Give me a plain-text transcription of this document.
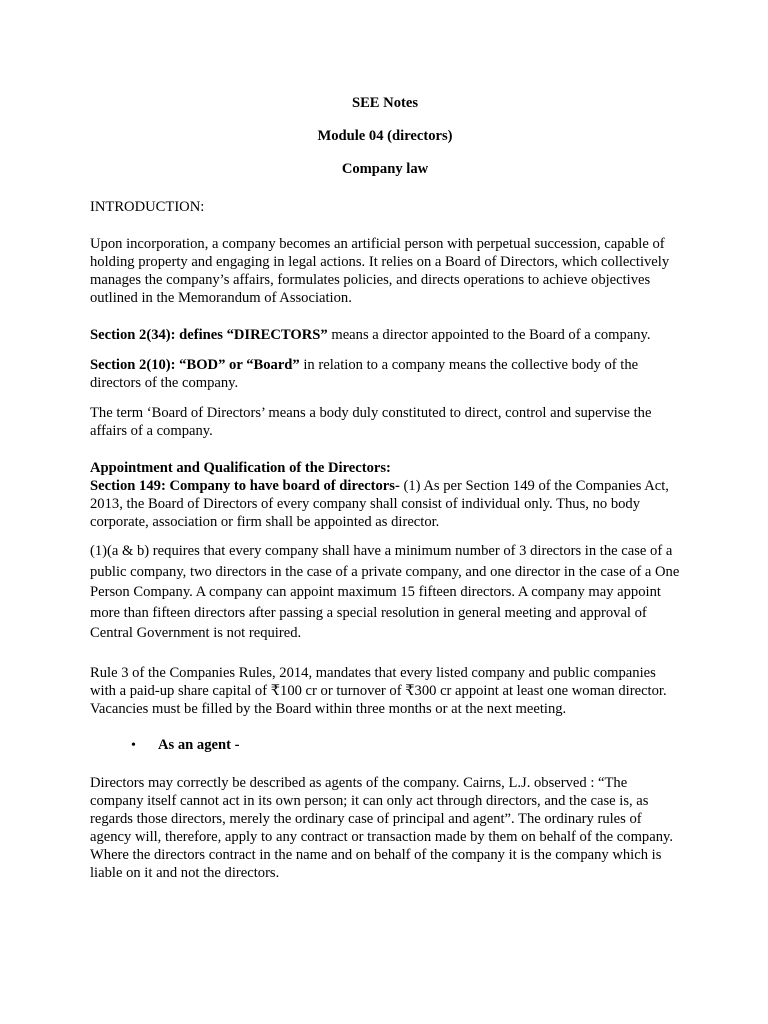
SEE Notes

Module 04 (directors)

Company law

INTRODUCTION:

Upon incorporation, a company becomes an artificial person with perpetual succession, capable of holding property and engaging in legal actions. It relies on a Board of Directors, which collectively manages the company’s affairs, formulates policies, and directs operations to achieve objectives outlined in the Memorandum of Association.

Section 2(34): defines “DIRECTORS” means a director appointed to the Board of a company.

Section 2(10): “BOD” or “Board” in relation to a company means the collective body of the directors of the company.

The term ‘Board of Directors’ means a body duly constituted to direct, control and supervise the affairs of a company.

Appointment and Qualification of the Directors:

Section 149: Company to have board of directors- (1) As per Section 149 of the Companies Act, 2013, the Board of Directors of every company shall consist of individual only. Thus, no body corporate, association or firm shall be appointed as director.

(1)(a & b) requires that every company shall have a minimum number of 3 directors in the case of a public company, two directors in the case of a private company, and one director in the case of a One Person Company. A company can appoint maximum 15 fifteen directors. A company may appoint more than fifteen directors after passing a special resolution in general meeting and approval of Central Government is not required.

Rule 3 of the Companies Rules, 2014, mandates that every listed company and public companies with a paid-up share capital of ₹100 cr or turnover of ₹300 cr appoint at least one woman director. Vacancies must be filled by the Board within three months or at the next meeting.

•	As an agent -

Directors may correctly be described as agents of the company. Cairns, L.J. observed : “The company itself cannot act in its own person; it can only act through directors, and the case is, as regards those directors, merely the ordinary case of principal and agent”. The ordinary rules of agency will, therefore, apply to any contract or transaction made by them on behalf of the company. Where the directors contract in the name and on behalf of the company it is the company which is liable on it and not the directors.
